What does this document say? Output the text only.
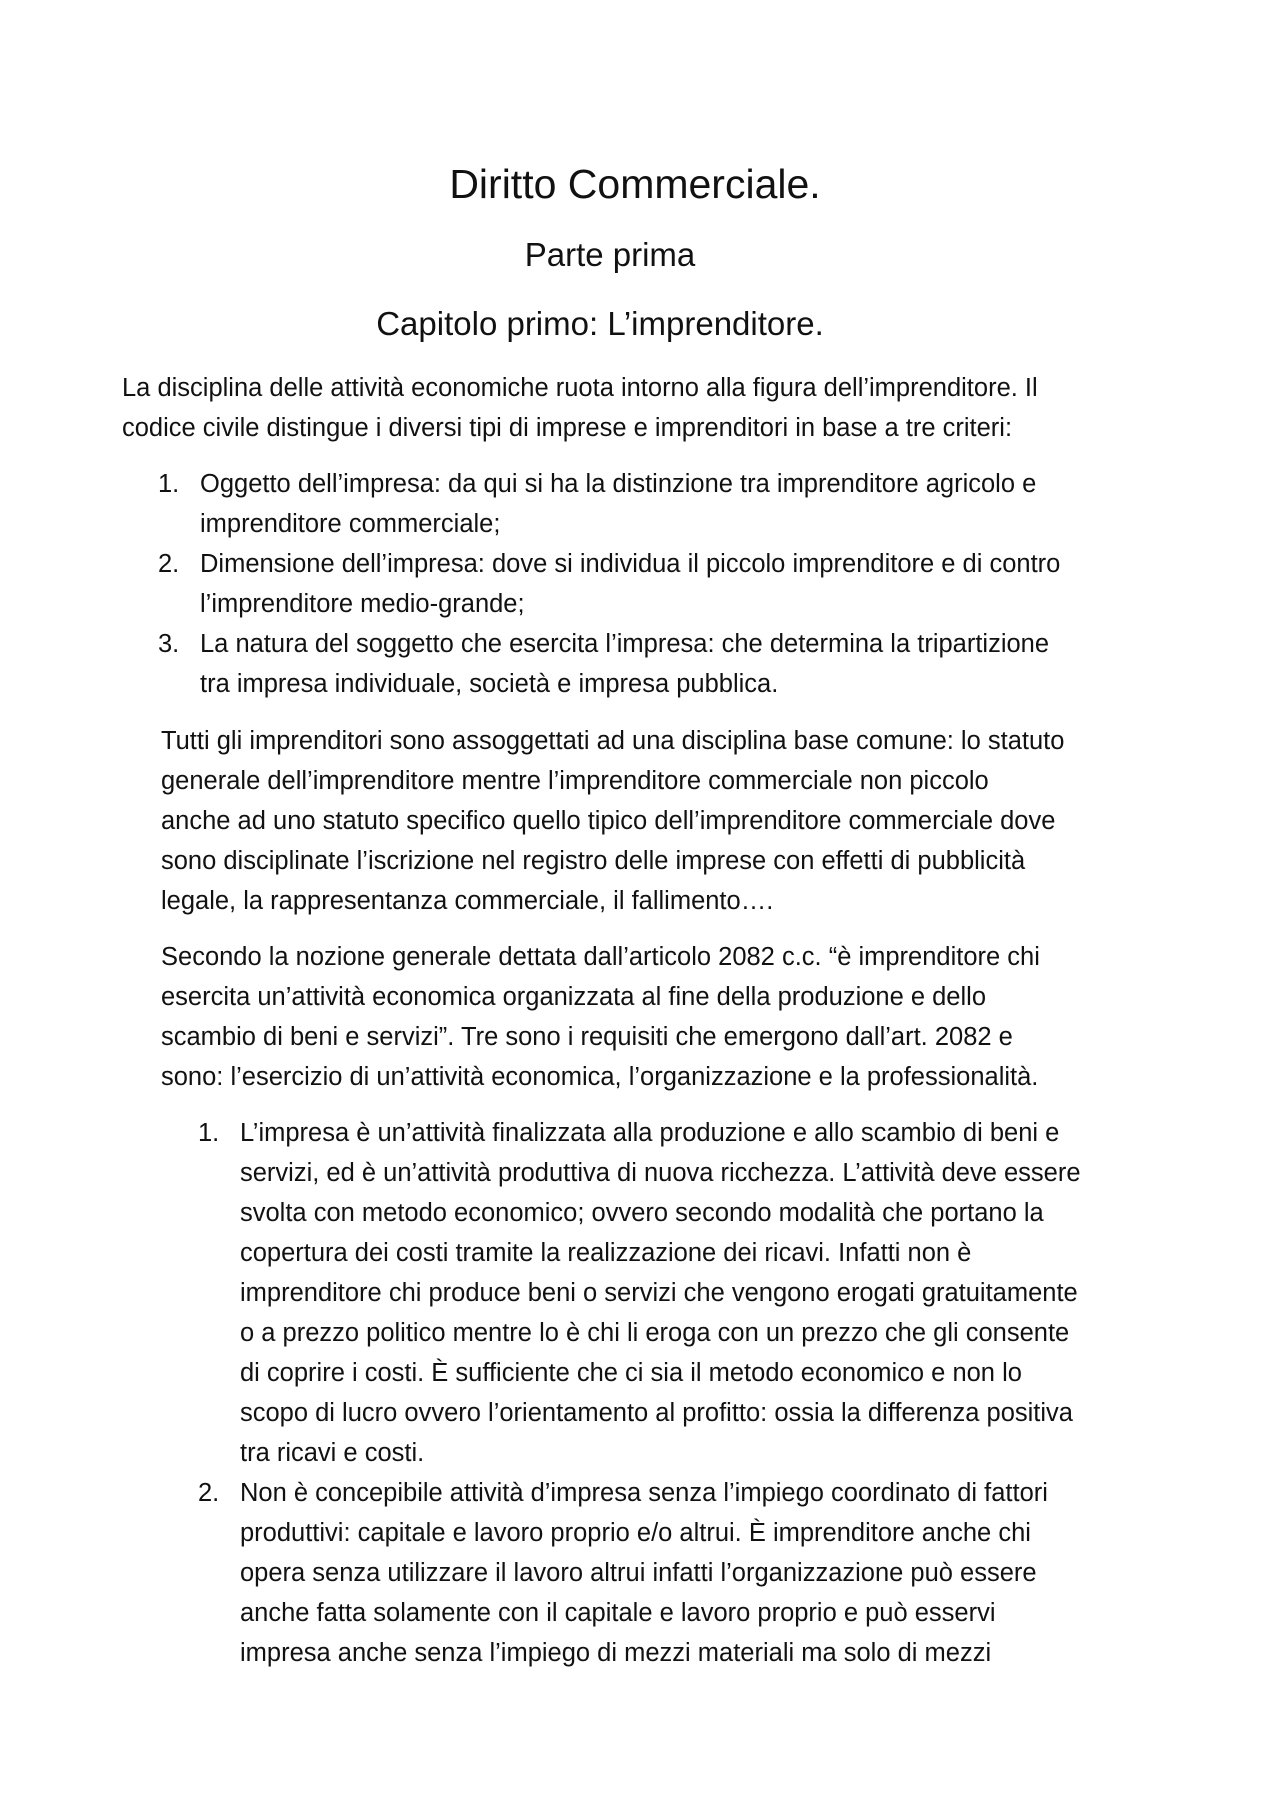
Diritto Commerciale.
Parte prima
Capitolo primo: L’imprenditore.
La disciplina delle attività economiche ruota intorno alla figura dell’imprenditore. Il
codice civile distingue i diversi tipi di imprese e imprenditori in base a tre criteri:
1. Oggetto dell’impresa: da qui si ha la distinzione tra imprenditore agricolo e
imprenditore commerciale;
2. Dimensione dell’impresa: dove si individua il piccolo imprenditore e di contro
l’imprenditore medio-grande;
3. La natura del soggetto che esercita l’impresa: che determina la tripartizione
tra impresa individuale, società e impresa pubblica.
Tutti gli imprenditori sono assoggettati ad una disciplina base comune: lo statuto
generale dell’imprenditore mentre l’imprenditore commerciale non piccolo
anche ad uno statuto specifico quello tipico dell’imprenditore commerciale dove
sono disciplinate l’iscrizione nel registro delle imprese con effetti di pubblicità
legale, la rappresentanza commerciale, il fallimento….
Secondo la nozione generale dettata dall’articolo 2082 c.c. “è imprenditore chi
esercita un’attività economica organizzata al fine della produzione e dello
scambio di beni e servizi”. Tre sono i requisiti che emergono dall’art. 2082 e
sono: l’esercizio di un’attività economica, l’organizzazione e la professionalità.
1. L’impresa è un’attività finalizzata alla produzione e allo scambio di beni e
servizi, ed è un’attività produttiva di nuova ricchezza. L’attività deve essere
svolta con metodo economico; ovvero secondo modalità che portano la
copertura dei costi tramite la realizzazione dei ricavi. Infatti non è
imprenditore chi produce beni o servizi che vengono erogati gratuitamente
o a prezzo politico mentre lo è chi li eroga con un prezzo che gli consente
di coprire i costi. È sufficiente che ci sia il metodo economico e non lo
scopo di lucro ovvero l’orientamento al profitto: ossia la differenza positiva
tra ricavi e costi.
2. Non è concepibile attività d’impresa senza l’impiego coordinato di fattori
produttivi: capitale e lavoro proprio e/o altrui. È imprenditore anche chi
opera senza utilizzare il lavoro altrui infatti l’organizzazione può essere
anche fatta solamente con il capitale e lavoro proprio e può esservi
impresa anche senza l’impiego di mezzi materiali ma solo di mezzi
